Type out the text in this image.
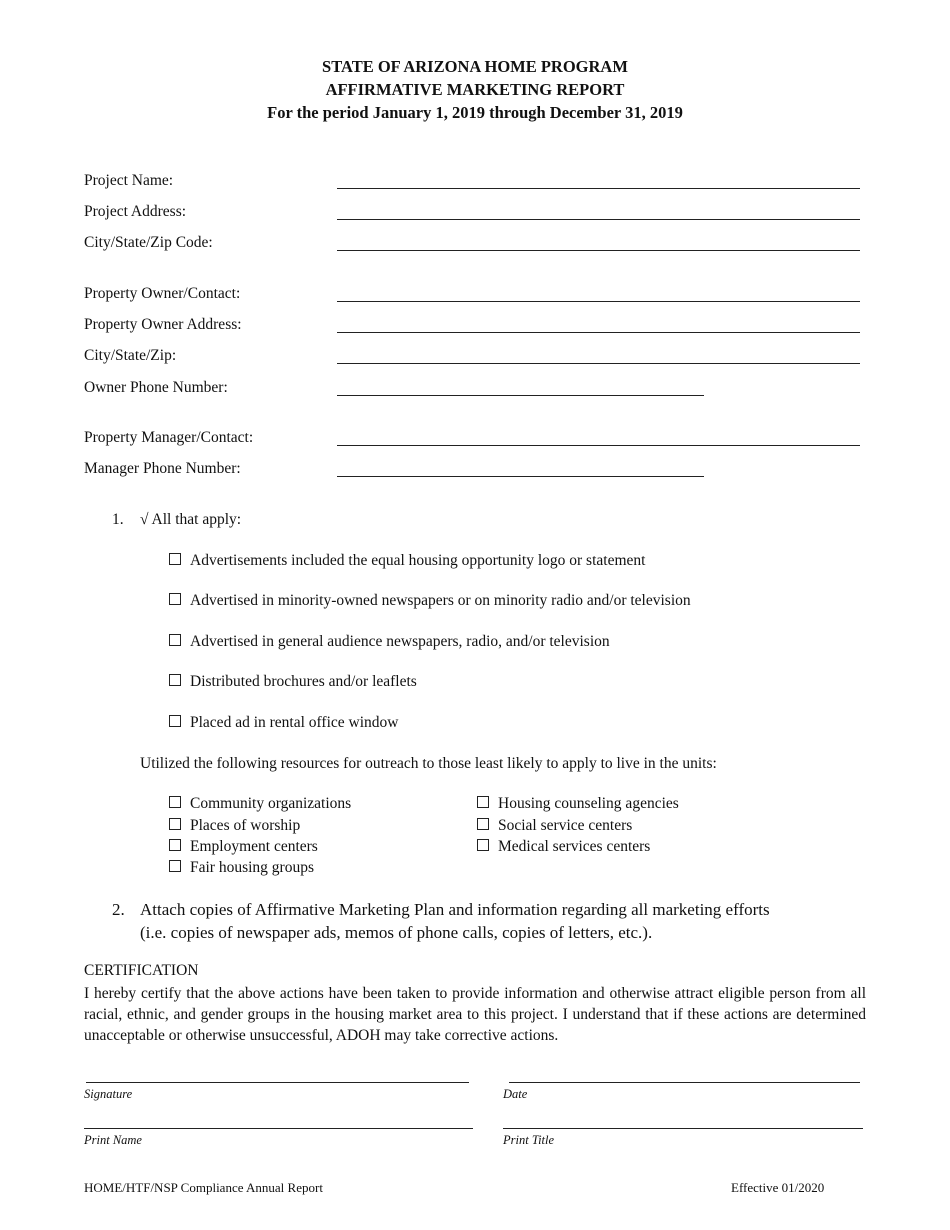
STATE OF ARIZONA HOME PROGRAM
AFFIRMATIVE MARKETING REPORT
For the period January 1, 2019 through December 31, 2019
Project Name:
Project Address:
City/State/Zip Code:
Property Owner/Contact:
Property Owner Address:
City/State/Zip:
Owner Phone Number:
Property Manager/Contact:
Manager Phone Number:
1. √ All that apply:
Advertisements included the equal housing opportunity logo or statement
Advertised in minority-owned newspapers or on minority radio and/or television
Advertised in general audience newspapers, radio, and/or television
Distributed brochures and/or leaflets
Placed ad in rental office window
Utilized the following resources for outreach to those least likely to apply to live in the units:
Community organizations
Places of worship
Employment centers
Fair housing groups
Housing counseling agencies
Social service centers
Medical services centers
2. Attach copies of Affirmative Marketing Plan and information regarding all marketing efforts
(i.e. copies of newspaper ads, memos of phone calls, copies of letters, etc.).
CERTIFICATION
I hereby certify that the above actions have been taken to provide information and otherwise attract eligible person from all racial, ethnic, and gender groups in the housing market area to this project. I understand that if these actions are determined unacceptable or otherwise unsuccessful, ADOH may take corrective actions.
Signature	Date
Print Name	Print Title
HOME/HTF/NSP Compliance Annual Report	Effective 01/2020
